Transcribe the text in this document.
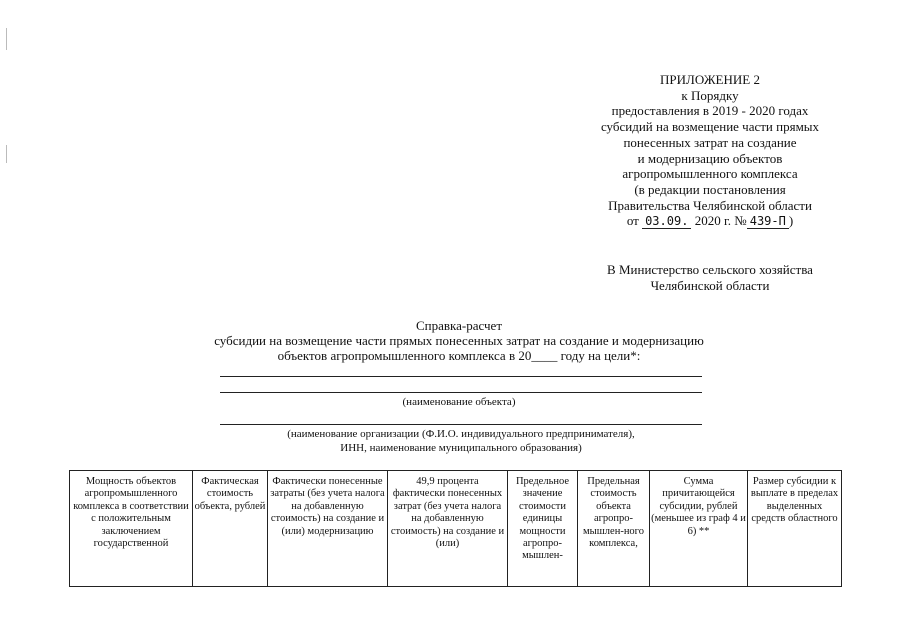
ПРИЛОЖЕНИЕ 2
к Порядку
предоставления в 2019 - 2020 годах
субсидий на возмещение части прямых
понесенных затрат на создание
и модернизацию объектов
агропромышленного комплекса
(в редакции постановления
Правительства Челябинской области
от 03.09. 2020 г. № 439-П )
В Министерство сельского хозяйства
Челябинской области
Справка-расчет
субсидии на возмещение части прямых понесенных затрат на создание и модернизацию
объектов агропромышленного комплекса в 20____ году на цели*:
(наименование объекта)
(наименование организации (Ф.И.О. индивидуального предпринимателя),
ИНН, наименование муниципального образования)
Мощность объектов агропромышленного комплекса в соответствии с положительным заключением государственной	Фактическая стоимость объекта, рублей	Фактически понесенные затраты (без учета налога на добавленную стоимость) на создание и (или) модернизацию	49,9 процента фактически понесенных затрат (без учета налога на добавленную стоимость) на создание и (или)	Предельное значение стоимости единицы мощности агропро-мышлен-	Предельная стоимость объекта агропро-мышлен-ного комплекса,	Сумма причитающейся субсидии, рублей (меньшее из граф 4 и 6) **	Размер субсидии к выплате в пределах выделенных средств областного
